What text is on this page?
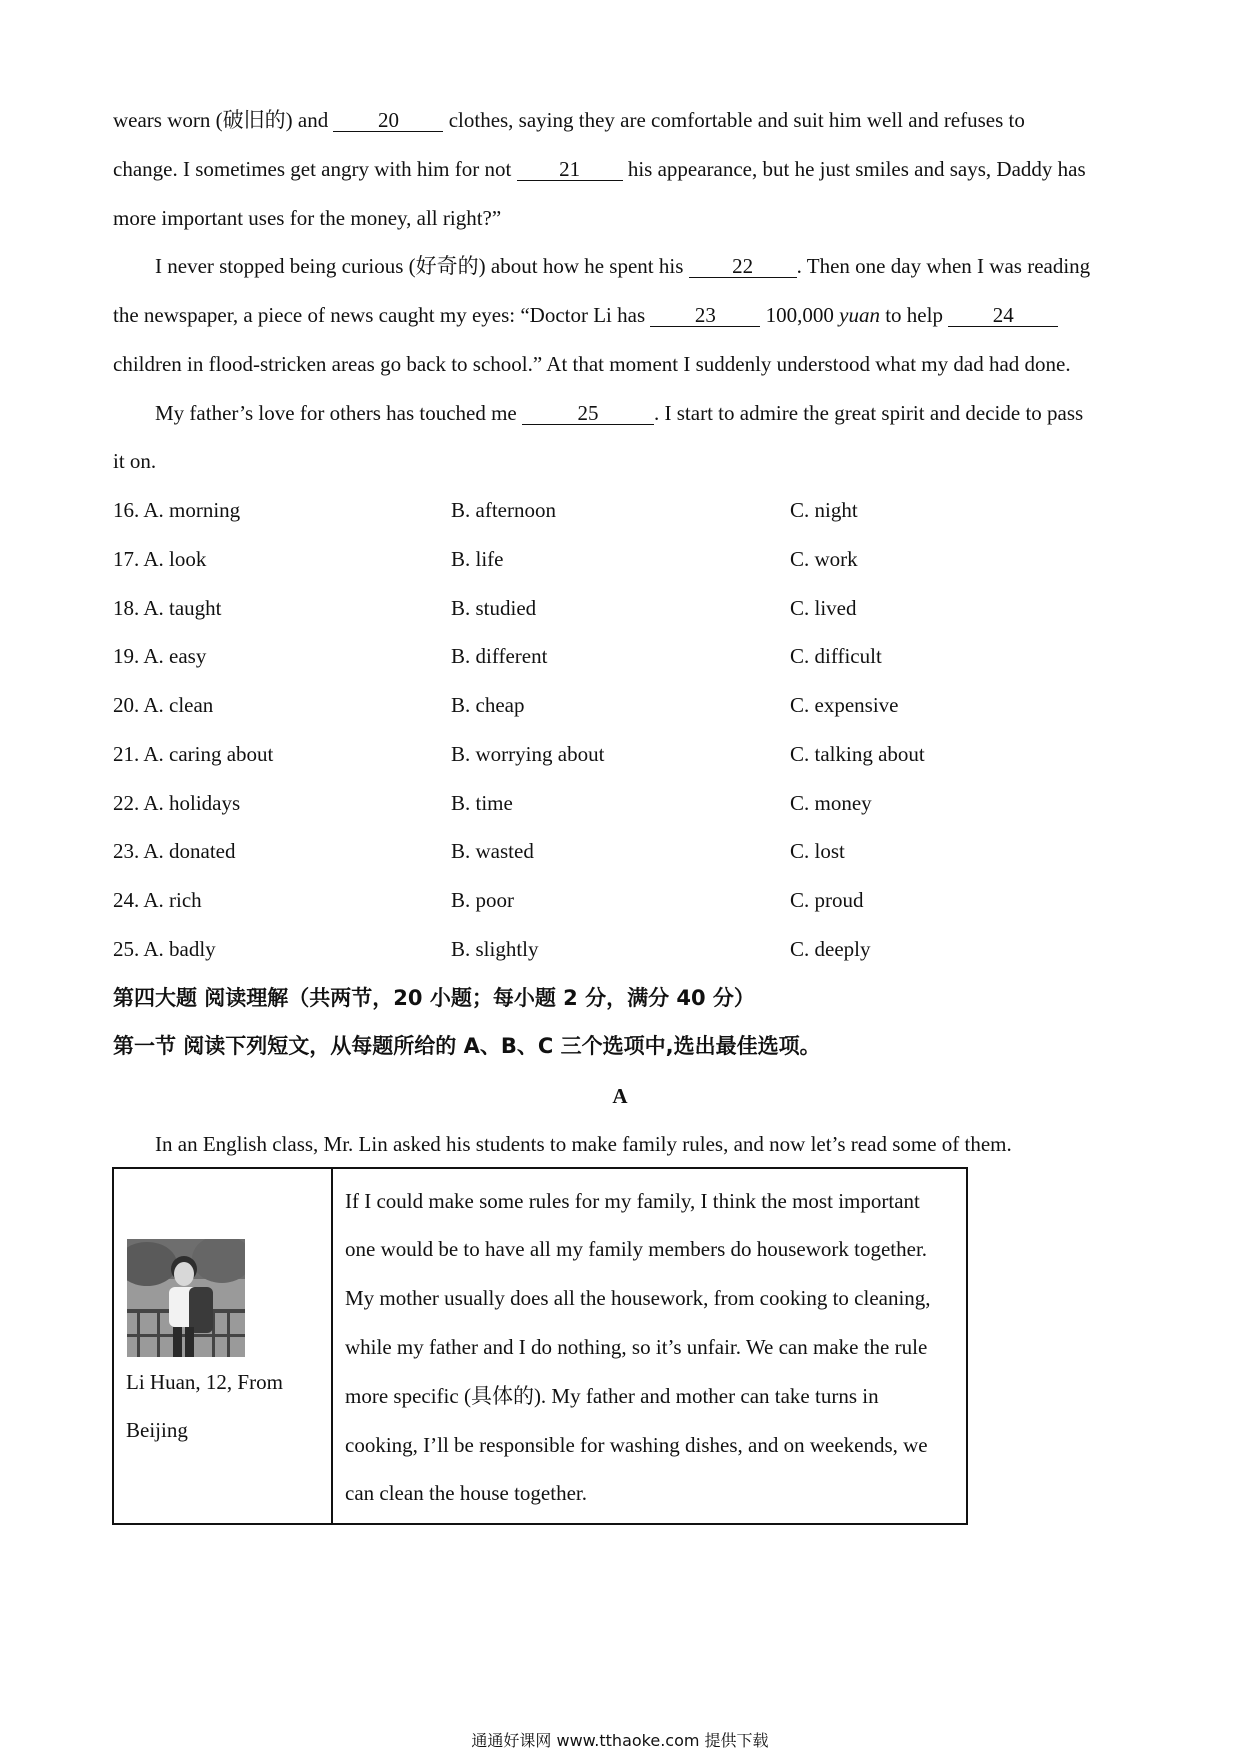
wears worn (破旧的) and 20 clothes, saying they are comfortable and suit him well and refuses to
change. I sometimes get angry with him for not 21 his appearance, but he just smiles and says, Daddy has
more important uses for the money, all right?”
I never stopped being curious (好奇的) about how he spent his 22 . Then one day when I was reading
the newspaper, a piece of news caught my eyes: “Doctor Li has 23 100,000 yuan to help 24
children in flood-stricken areas go back to school.” At that moment I suddenly understood what my dad had done.
My father’s love for others has touched me	25	. I start to admire the great spirit and decide to pass
it on.
16. A. morning	B. afternoon	C. night
17. A. look	B. life	C. work
18. A. taught	B. studied	C. lived
19. A. easy	B. different	C. difficult
20. A. clean	B. cheap	C. expensive
21. A. caring about	B. worrying about	C. talking about
22. A. holidays	B. time	C. money
23. A. donated	B. wasted	C. lost
24. A. rich	B. poor	C. proud
25. A. badly	B. slightly	C. deeply
第四大题 阅读理解（共两节，20 小题；每小题 2 分，满分 40 分）
第一节 阅读下列短文，从每题所给的 A、B、C 三个选项中,选出最佳选项。
A
In an English class, Mr. Lin asked his students to make family rules, and now let’s read some of them.
Li Huan, 12, From
Beijing
If I could make some rules for my family, I think the most important
one would be to have all my family members do housework together.
My mother usually does all the housework, from cooking to cleaning,
while my father and I do nothing, so it’s unfair. We can make the rule
more specific (具体的). My father and mother can take turns in
cooking, I’ll be responsible for washing dishes, and on weekends, we
can clean the house together.
通通好课网 www.tthaoke.com 提供下载
